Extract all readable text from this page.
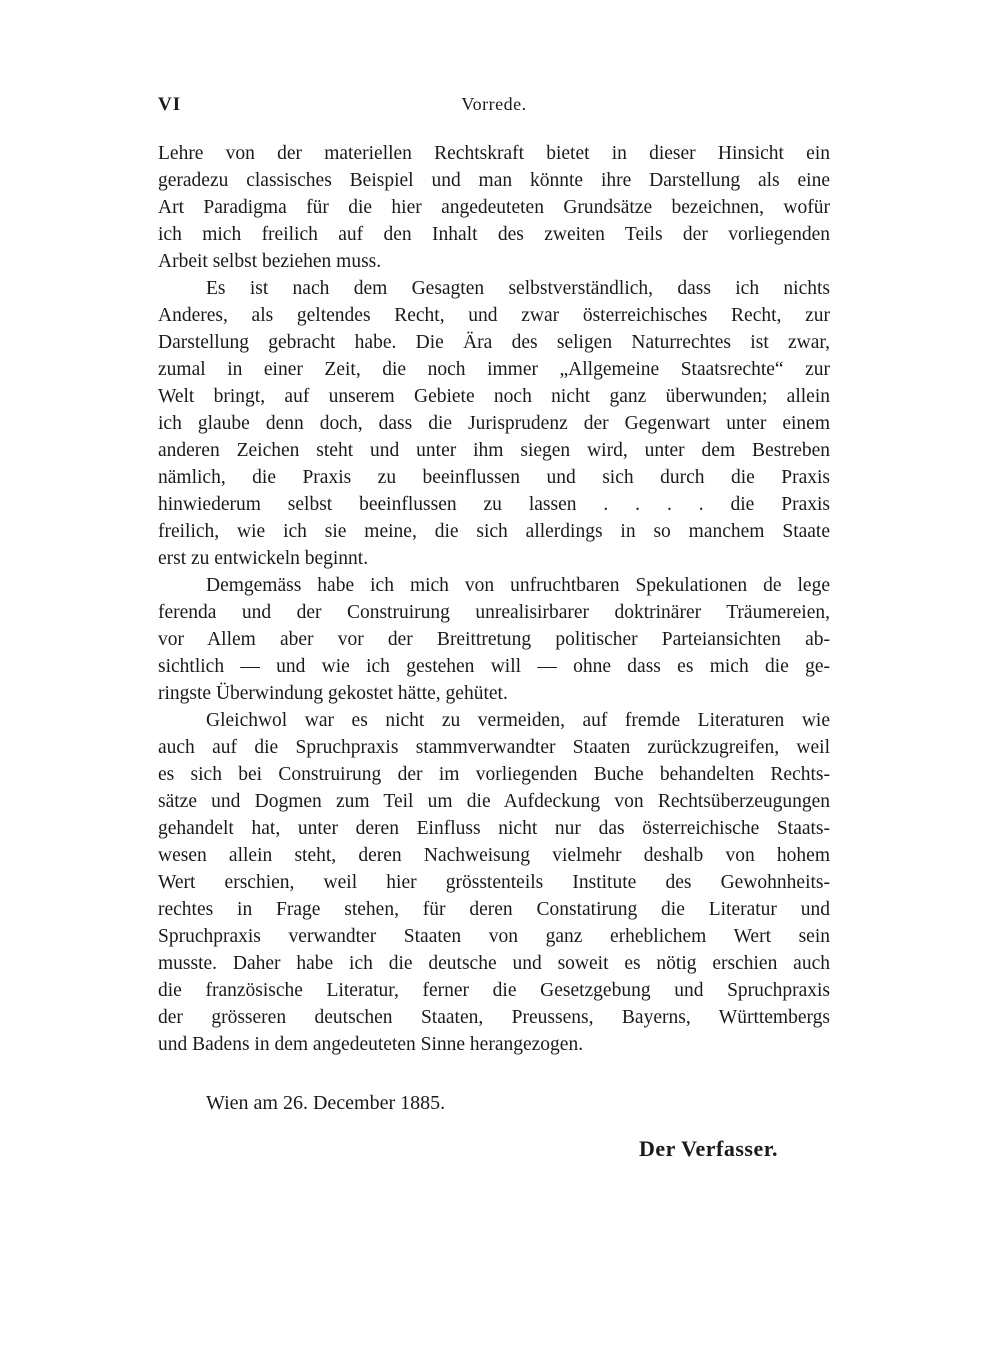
VI	Vorrede.
Lehre von der materiellen Rechtskraft bietet in dieser Hinsicht ein
geradezu classisches Beispiel und man könnte ihre Darstellung als eine
Art Paradigma für die hier angedeuteten Grundsätze bezeichnen, wofür
ich mich freilich auf den Inhalt des zweiten Teils der vorliegenden
Arbeit selbst beziehen muss.
Es ist nach dem Gesagten selbstverständlich, dass ich nichts
Anderes, als geltendes Recht, und zwar österreichisches Recht, zur
Darstellung gebracht habe. Die Ära des seligen Naturrechtes ist zwar,
zumal in einer Zeit, die noch immer „Allgemeine Staatsrechte“ zur
Welt bringt, auf unserem Gebiete noch nicht ganz überwunden; allein
ich glaube denn doch, dass die Jurisprudenz der Gegenwart unter einem
anderen Zeichen steht und unter ihm siegen wird, unter dem Bestreben
nämlich, die Praxis zu beeinflussen und sich durch die Praxis
hinwiederum selbst beeinflussen zu lassen . . . . die Praxis
freilich, wie ich sie meine, die sich allerdings in so manchem Staate
erst zu entwickeln beginnt.
Demgemäss habe ich mich von unfruchtbaren Spekulationen de lege
ferenda und der Construirung unrealisirbarer doktrinärer Träumereien,
vor Allem aber vor der Breittretung politischer Parteiansichten ab-
sichtlich — und wie ich gestehen will — ohne dass es mich die ge-
ringste Überwindung gekostet hätte, gehütet.
Gleichwol war es nicht zu vermeiden, auf fremde Literaturen wie
auch auf die Spruchpraxis stammverwandter Staaten zurückzugreifen, weil
es sich bei Construirung der im vorliegenden Buche behandelten Rechts-
sätze und Dogmen zum Teil um die Aufdeckung von Rechtsüberzeugungen
gehandelt hat, unter deren Einfluss nicht nur das österreichische Staats-
wesen allein steht, deren Nachweisung vielmehr deshalb von hohem
Wert erschien, weil hier grösstenteils Institute des Gewohnheits-
rechtes in Frage stehen, für deren Constatirung die Literatur und
Spruchpraxis verwandter Staaten von ganz erheblichem Wert sein
musste. Daher habe ich die deutsche und soweit es nötig erschien auch
die französische Literatur, ferner die Gesetzgebung und Spruchpraxis
der grösseren deutschen Staaten, Preussens, Bayerns, Württembergs
und Badens in dem angedeuteten Sinne herangezogen.
Wien am 26. December 1885.
Der Verfasser.
